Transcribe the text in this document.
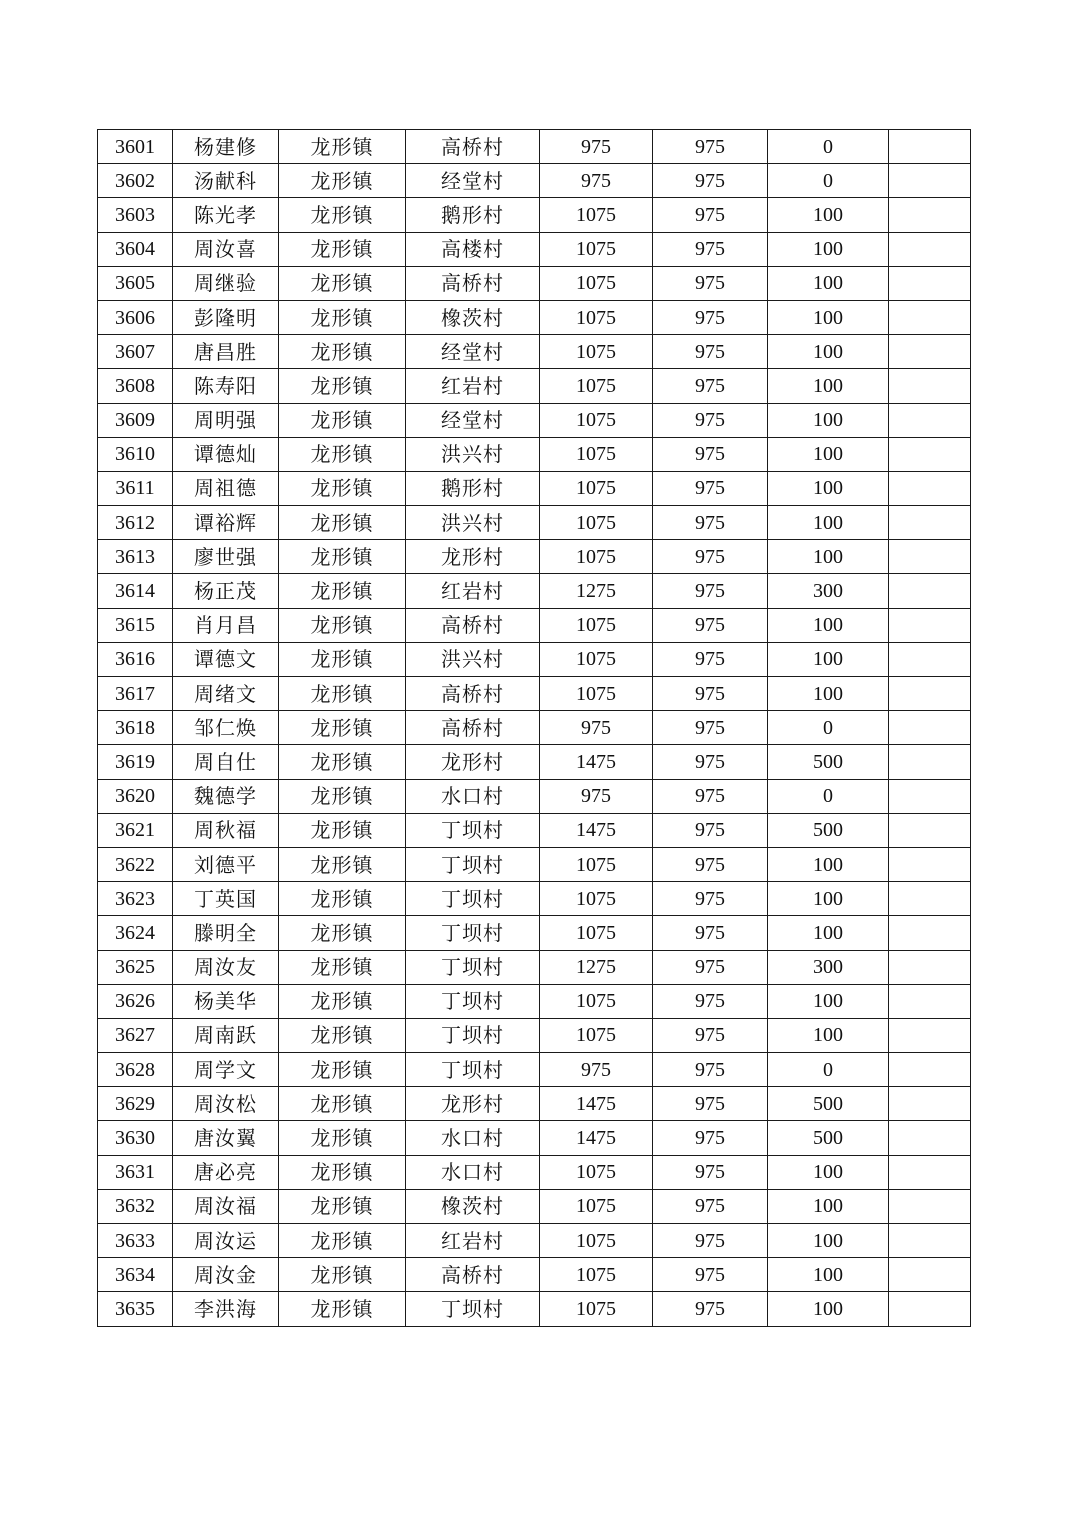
3601	杨建修	龙形镇	高桥村	975	975	0	
3602	汤献科	龙形镇	经堂村	975	975	0	
3603	陈光孝	龙形镇	鹅形村	1075	975	100	
3604	周汝喜	龙形镇	高楼村	1075	975	100	
3605	周继验	龙形镇	高桥村	1075	975	100	
3606	彭隆明	龙形镇	橡茨村	1075	975	100	
3607	唐昌胜	龙形镇	经堂村	1075	975	100	
3608	陈寿阳	龙形镇	红岩村	1075	975	100	
3609	周明强	龙形镇	经堂村	1075	975	100	
3610	谭德灿	龙形镇	洪兴村	1075	975	100	
3611	周祖德	龙形镇	鹅形村	1075	975	100	
3612	谭裕辉	龙形镇	洪兴村	1075	975	100	
3613	廖世强	龙形镇	龙形村	1075	975	100	
3614	杨正茂	龙形镇	红岩村	1275	975	300	
3615	肖月昌	龙形镇	高桥村	1075	975	100	
3616	谭德文	龙形镇	洪兴村	1075	975	100	
3617	周绪文	龙形镇	高桥村	1075	975	100	
3618	邹仁焕	龙形镇	高桥村	975	975	0	
3619	周自仕	龙形镇	龙形村	1475	975	500	
3620	魏德学	龙形镇	水口村	975	975	0	
3621	周秋福	龙形镇	丁坝村	1475	975	500	
3622	刘德平	龙形镇	丁坝村	1075	975	100	
3623	丁英国	龙形镇	丁坝村	1075	975	100	
3624	滕明全	龙形镇	丁坝村	1075	975	100	
3625	周汝友	龙形镇	丁坝村	1275	975	300	
3626	杨美华	龙形镇	丁坝村	1075	975	100	
3627	周南跃	龙形镇	丁坝村	1075	975	100	
3628	周学文	龙形镇	丁坝村	975	975	0	
3629	周汝松	龙形镇	龙形村	1475	975	500	
3630	唐汝翼	龙形镇	水口村	1475	975	500	
3631	唐必亮	龙形镇	水口村	1075	975	100	
3632	周汝福	龙形镇	橡茨村	1075	975	100	
3633	周汝运	龙形镇	红岩村	1075	975	100	
3634	周汝金	龙形镇	高桥村	1075	975	100	
3635	李洪海	龙形镇	丁坝村	1075	975	100	
